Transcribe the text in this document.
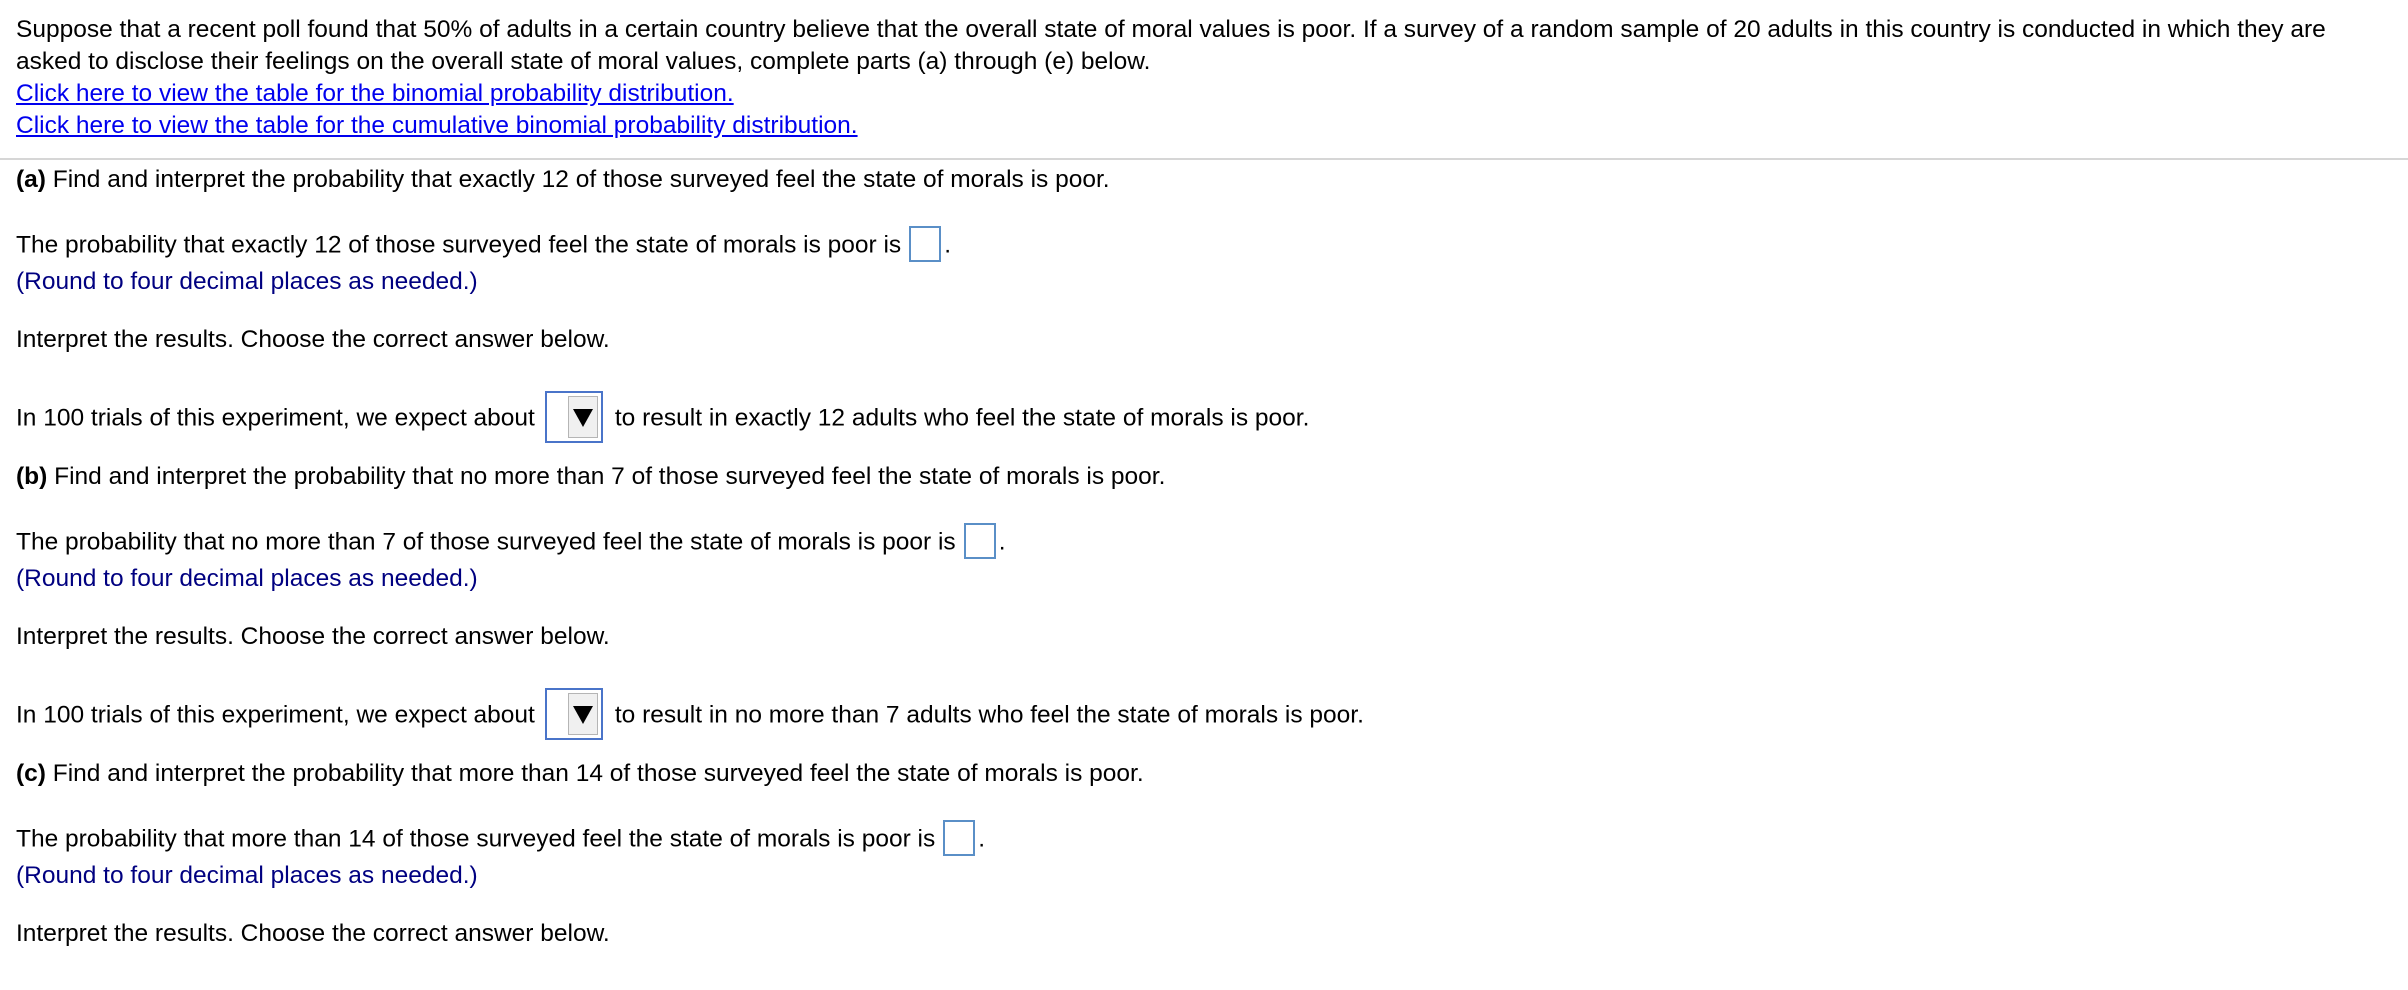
Suppose that a recent poll found that 50% of adults in a certain country believe that the overall state of moral values is poor. If a survey of a random sample of 20 adults in this country is conducted in which they are asked to disclose their feelings on the overall state of moral values, complete parts (a) through (e) below.

Click here to view the table for the binomial probability distribution.
Click here to view the table for the cumulative binomial probability distribution.
(a) Find and interpret the probability that exactly 12 of those surveyed feel the state of morals is poor.
The probability that exactly 12 of those surveyed feel the state of morals is poor is .
(Round to four decimal places as needed.)
Interpret the results. Choose the correct answer below.
In 100 trials of this experiment, we expect about	to result in exactly 12 adults who feel the state of morals is poor.
(b) Find and interpret the probability that no more than 7 of those surveyed feel the state of morals is poor.
The probability that no more than 7 of those surveyed feel the state of morals is poor is .
(Round to four decimal places as needed.)
Interpret the results. Choose the correct answer below.
In 100 trials of this experiment, we expect about	to result in no more than 7 adults who feel the state of morals is poor.
(c) Find and interpret the probability that more than 14 of those surveyed feel the state of morals is poor.
The probability that more than 14 of those surveyed feel the state of morals is poor is .
(Round to four decimal places as needed.)
Interpret the results. Choose the correct answer below.
